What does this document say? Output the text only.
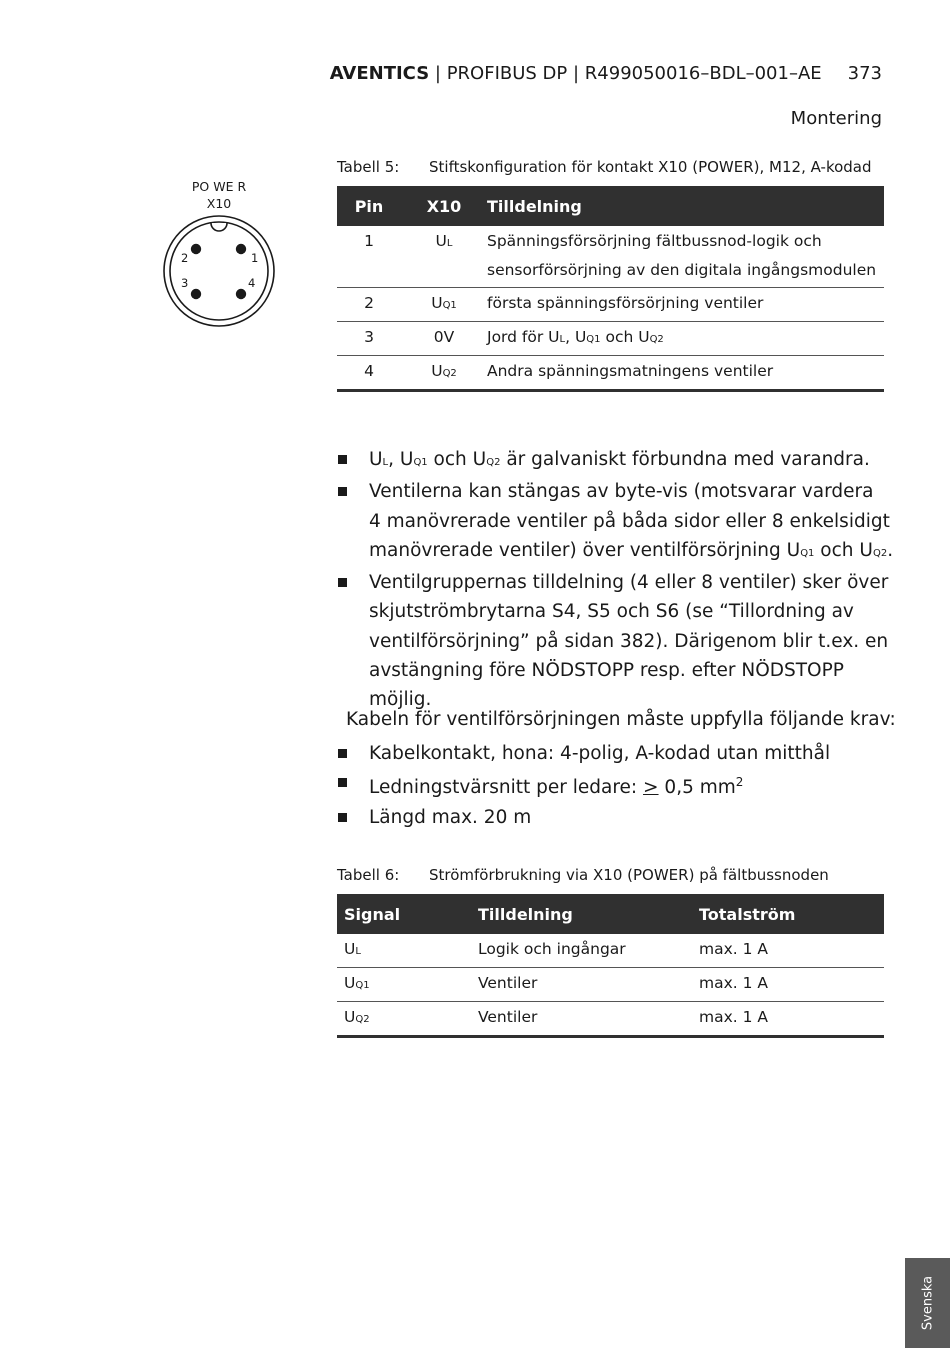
AVENTICS | PROFIBUS DP | R499050016–BDL–001–AE 373
Montering
PO WE R
X10
1
2
3	4
Tabell 5: Stiftskonfiguration för kontakt X10 (POWER), M12, A-kodad
Pin	X10	Tilldelning
1	UL	Spänningsförsörjning fältbussnod-logik och
sensorförsörjning av den digitala ingångsmodulen

2	UQ1	första spänningsförsörjning ventiler
3	0V	Jord för UL, UQ1 och UQ2
4	UQ2	Andra spänningsmatningens ventiler
UL, UQ1 och UQ2 är galvaniskt förbundna med varandra.
Ventilerna kan stängas av byte-vis (motsvarar vardera
4 manövrerade ventiler på båda sidor eller 8 enkelsidigt
manövrerade ventiler) över ventilförsörjning UQ1 och UQ2.
Ventilgruppernas tilldelning (4 eller 8 ventiler) sker över
skjutströmbrytarna S4, S5 och S6 (se “Tillordning av
ventilförsörjning” på sidan 382). Därigenom blir t.ex. en
avstängning före NÖDSTOPP resp. efter NÖDSTOPP möjlig.
Kabeln för ventilförsörjningen måste uppfylla följande krav:
Kabelkontakt, hona: 4-polig, A-kodad utan mitthål
Ledningstvärsnitt per ledare: > 0,5 $mm^2$
Längd max. 20 m
Tabell 6: Strömförbrukning via X10 (POWER) på fältbussnoden
Signal	Tilldelning	Totalström
UL	Logik och ingångar	max. 1 A
UQ1	Ventiler	max. 1 A
UQ2	Ventiler	max. 1 A
Svenska
